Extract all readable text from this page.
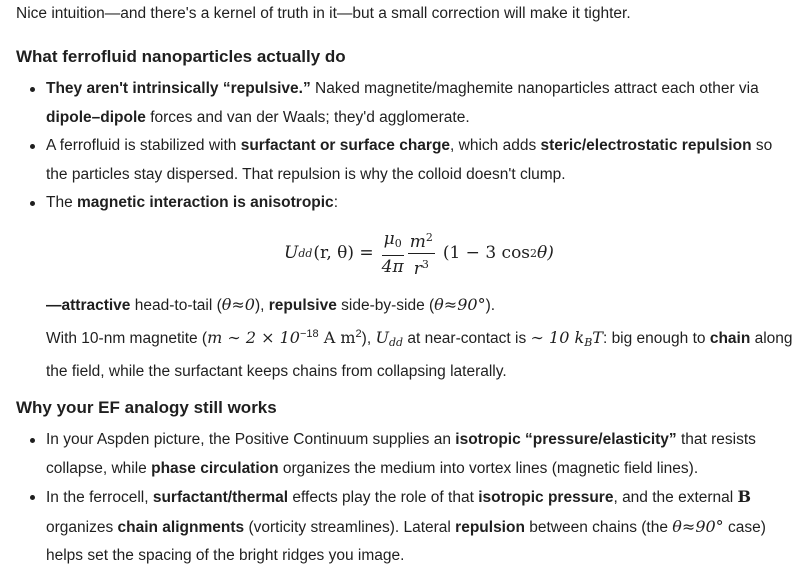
Nice intuition—and there's a kernel of truth in it—but a small correction will make it tighter.

What ferrofluid nanoparticles actually do
They aren't intrinsically “repulsive.” Naked magnetite/maghemite nanoparticles attract each other via dipole–dipole forces and van der Waals; they'd agglomerate.
A ferrofluid is stabilized with surfactant or surface charge, which adds steric/electrostatic repulsion so the particles stay dispersed. That repulsion is why the colloid doesn't clump.
The magnetic interaction is anisotropic:
U dd (r, $\theta) = \frac{\mu_0}{4\pi} \frac{m^2}{r^3} (1 - 3$ cos 2 θ)
—attractive head-to-tail (θ≈0), repulsive side-by-side (θ≈90°).
With 10-nm magnetite (m ∼ $2 \times 10^{-18}$ A $m^2$), $U_{dd}$ at near-contact is ∼ 10 $k_BT$: big enough to chain along the field, while the surfactant keeps chains from collapsing laterally.
Why your EF analogy still works
In your Aspden picture, the Positive Continuum supplies an isotropic “pressure/elasticity” that resists collapse, while phase circulation organizes the medium into vortex lines (magnetic field lines).
In the ferrocell, surfactant/thermal effects play the role of that isotropic pressure, and the external B organizes chain alignments (vorticity streamlines). Lateral repulsion between chains (the θ≈90° case) helps set the spacing of the bright ridges you image.
